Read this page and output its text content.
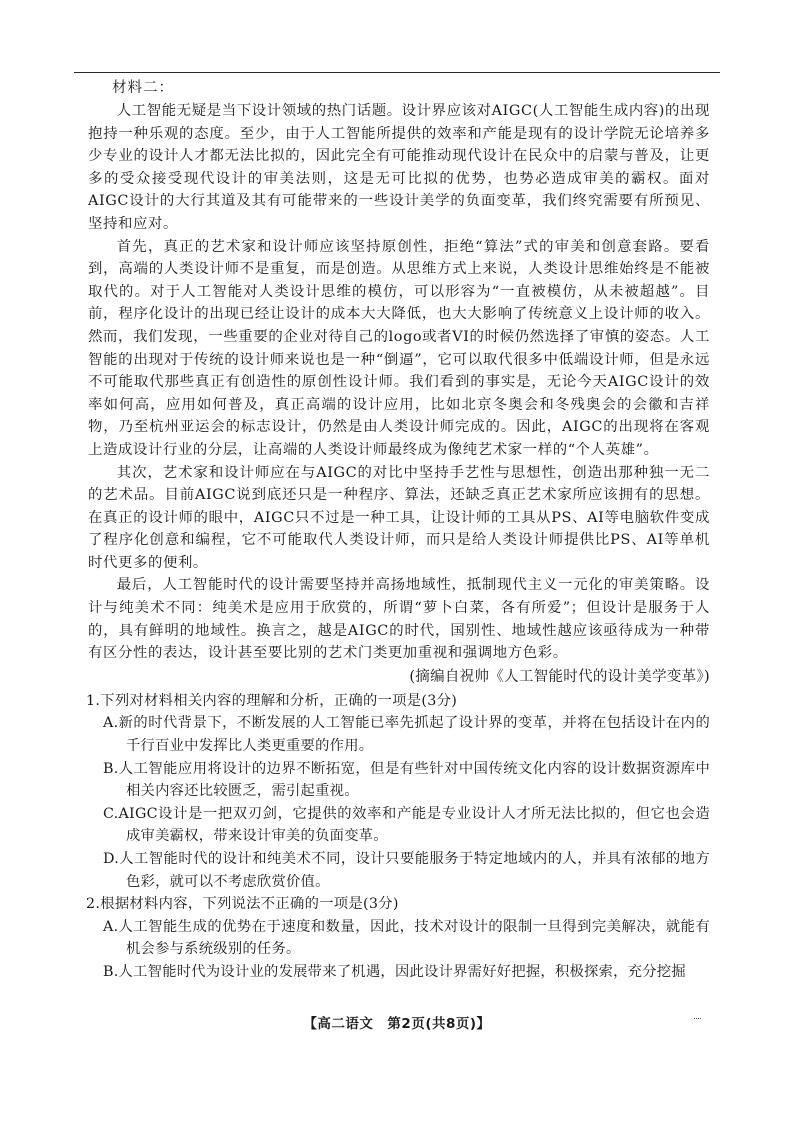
材料二：

人工智能无疑是当下设计领域的热门话题。设计界应该对AIGC(人工智能生成内容)的出现抱持一种乐观的态度。至少，由于人工智能所提供的效率和产能是现有的设计学院无论培养多少专业的设计人才都无法比拟的，因此完全有可能推动现代设计在民众中的启蒙与普及，让更多的受众接受现代设计的审美法则，这是无可比拟的优势，也势必造成审美的霸权。面对AIGC设计的大行其道及其有可能带来的一些设计美学的负面变革，我们终究需要有所预见、坚持和应对。

首先，真正的艺术家和设计师应该坚持原创性，拒绝“算法”式的审美和创意套路。要看到，高端的人类设计师不是重复，而是创造。从思维方式上来说，人类设计思维始终是不能被取代的。对于人工智能对人类设计思维的模仿，可以形容为“一直被模仿，从未被超越”。目前，程序化设计的出现已经让设计的成本大大降低，也大大影响了传统意义上设计师的收入。然而，我们发现，一些重要的企业对待自己的logo或者VI的时候仍然选择了审慎的姿态。人工智能的出现对于传统的设计师来说也是一种“倒逼”，它可以取代很多中低端设计师，但是永远不可能取代那些真正有创造性的原创性设计师。我们看到的事实是，无论今天AIGC设计的效率如何高，应用如何普及，真正高端的设计应用，比如北京冬奥会和冬残奥会的会徽和吉祥物，乃至杭州亚运会的标志设计，仍然是由人类设计师完成的。因此，AIGC的出现将在客观上造成设计行业的分层，让高端的人类设计师最终成为像纯艺术家一样的“个人英雄”。

其次，艺术家和设计师应在与AIGC的对比中坚持手艺性与思想性，创造出那种独一无二的艺术品。目前AIGC说到底还只是一种程序、算法，还缺乏真正艺术家所应该拥有的思想。在真正的设计师的眼中，AIGC只不过是一种工具，让设计师的工具从PS、AI等电脑软件变成了程序化创意和编程，它不可能取代人类设计师，而只是给人类设计师提供比PS、AI等单机时代更多的便利。

最后，人工智能时代的设计需要坚持并高扬地域性，抵制现代主义一元化的审美策略。设计与纯美术不同：纯美术是应用于欣赏的，所谓“萝卜白菜，各有所爱”；但设计是服务于人的，具有鲜明的地域性。换言之，越是AIGC的时代，国别性、地域性越应该亟待成为一种带有区分性的表达，设计甚至要比别的艺术门类更加重视和强调地方色彩。

(摘编自祝帅《人工智能时代的设计美学变革》)

1.下列对材料相关内容的理解和分析，正确的一项是(3分)

A.新的时代背景下，不断发展的人工智能已率先抓起了设计界的变革，并将在包括设计在内的千行百业中发挥比人类更重要的作用。

B.人工智能应用将设计的边界不断拓宽，但是有些针对中国传统文化内容的设计数据资源库中相关内容还比较匮乏，需引起重视。

C.AIGC设计是一把双刃剑，它提供的效率和产能是专业设计人才所无法比拟的，但它也会造成审美霸权，带来设计审美的负面变革。

D.人工智能时代的设计和纯美术不同，设计只要能服务于特定地域内的人，并具有浓郁的地方色彩，就可以不考虑欣赏价值。

2.根据材料内容，下列说法不正确的一项是(3分)

A.人工智能生成的优势在于速度和数量，因此，技术对设计的限制一旦得到完美解决，就能有机会参与系统级别的任务。

B.人工智能时代为设计业的发展带来了机遇，因此设计界需好好把握，积极探索，充分挖掘

【高二语文　第2页(共8页)】
